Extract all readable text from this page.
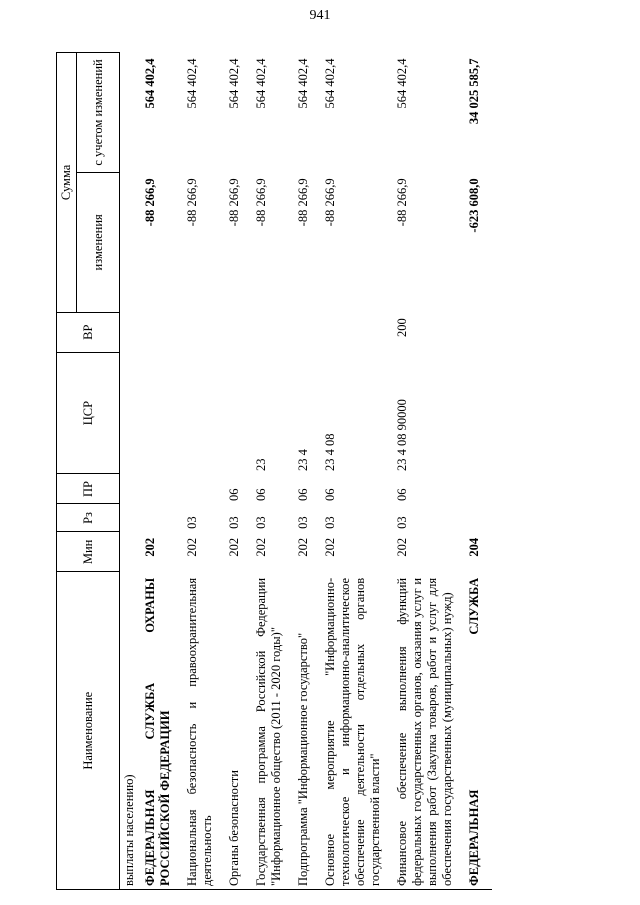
941
Наименование	Мин	Рз	ПР	ЦСР	ВР	Сумма	
						изменения	с учетом изменений
выплаты населению)							
ФЕДЕРАЛЬНАЯ СЛУЖБА ОХРАНЫ РОССИЙСКОЙ ФЕДЕРАЦИИ	202					-88 266,9	564 402,4
Национальная безопасность и правоохранительная деятельность	202	03				-88 266,9	564 402,4
Органы безопасности	202	03	06			-88 266,9	564 402,4
Государственная программа Российской Федерации "Информационное общество (2011 - 2020 годы)"	202	03	06	23		-88 266,9	564 402,4
Подпрограмма "Информационное государство"	202	03	06	23 4		-88 266,9	564 402,4
Основное мероприятие "Информационно-технологическое и информационно-аналитическое обеспечение деятельности отдельных органов государственной власти"	202	03	06	23 4 08		-88 266,9	564 402,4
Финансовое обеспечение выполнения функций федеральных государственных органов, оказания услуг и выполнения работ (Закупка товаров, работ и услуг для обеспечения государственных (муниципальных) нужд)	202	03	06	23 4 08 90000	200	-88 266,9	564 402,4

ФЕДЕРАЛЬНАЯ
СЛУЖБА	204					-623 608,0	34 025 585,7
